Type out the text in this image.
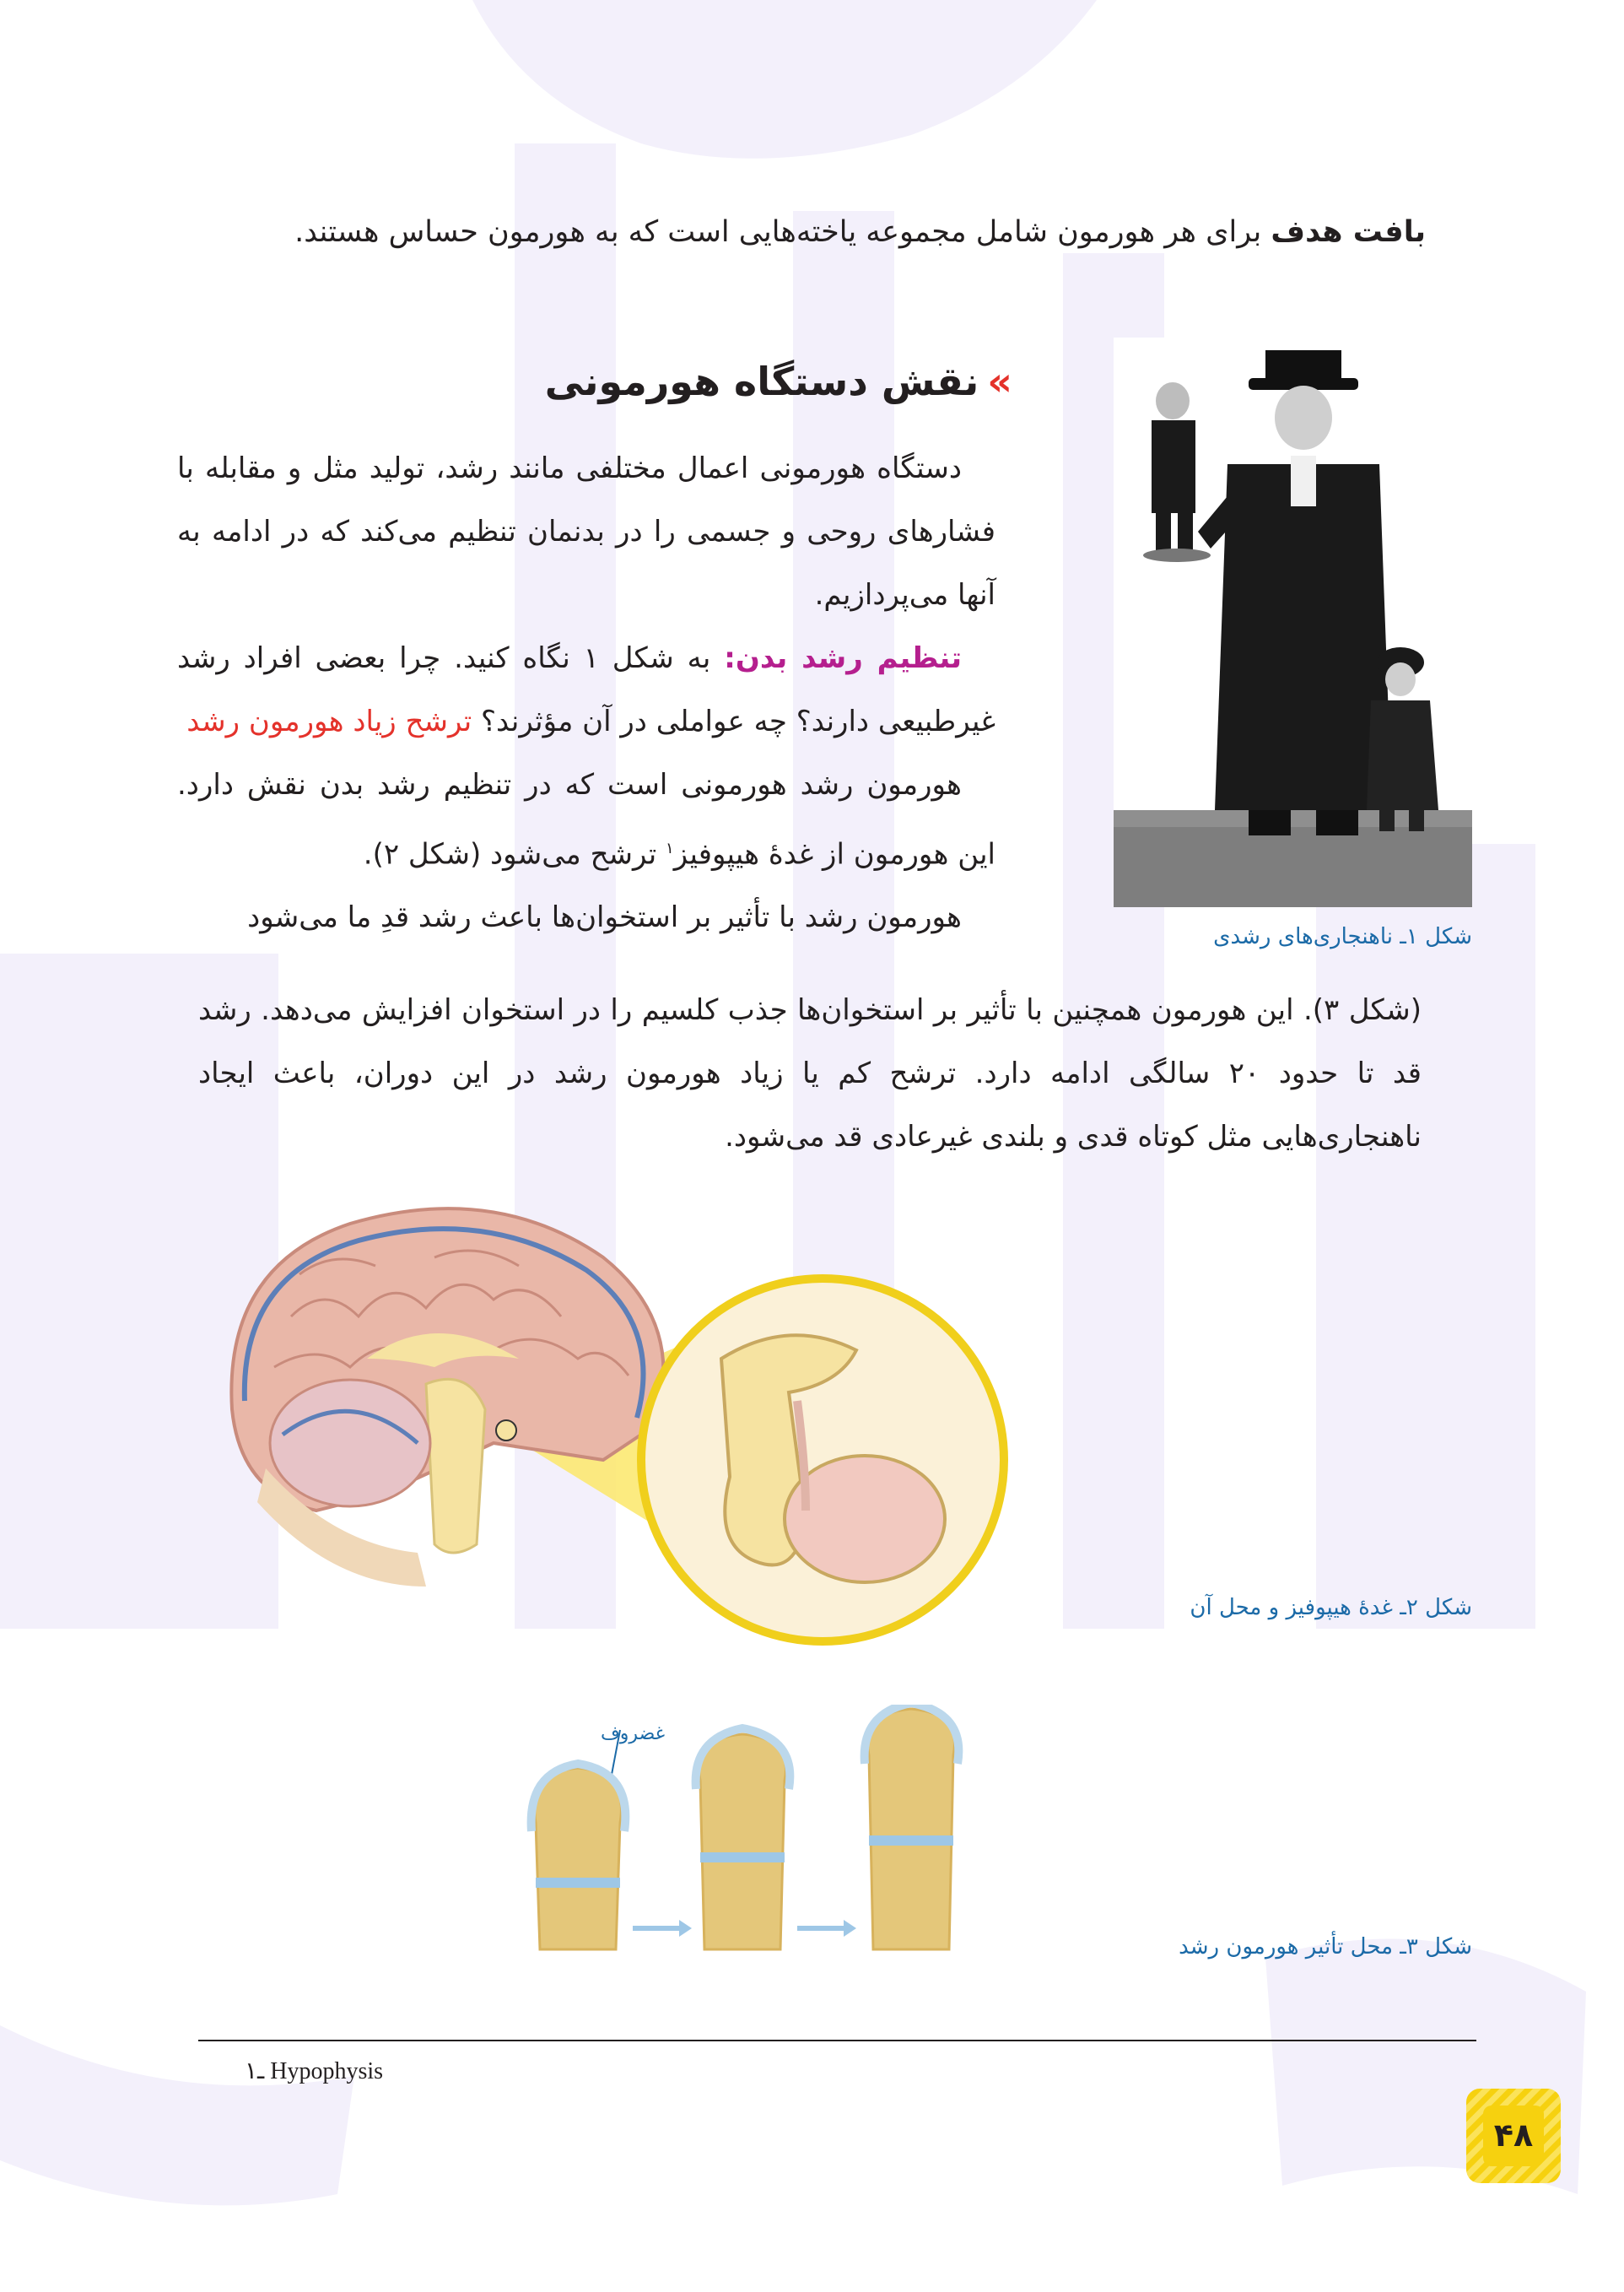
بافت هدف برای هر هورمون شامل مجموعه یاخته‌هایی است که به هورمون حساس هستند.
»نقش دستگاه هورمونی
دستگاه هورمونی اعمال مختلفی مانند رشد، تولید مثل و مقابله با فشارهای روحی و جسمی را در بدنمان تنظیم می‌کند که در ادامه به آنها می‌پردازیم.
تنظیم رشد بدن: به شکل ۱ نگاه کنید. چرا بعضی افراد رشد غیرطبیعی دارند؟ چه عواملی در آن مؤثرند؟ ترشح زیاد هورمون رشد
هورمون رشد هورمونی است که در تنظیم رشد بدن نقش دارد. این هورمون از غدهٔ هیپوفیز$^۱$ ترشح می‌شود (شکل ۲).
هورمون رشد با تأثیر بر استخوان‌ها باعث رشد قدِ ما می‌شود
(شکل ۳). این هورمون همچنین با تأثیر بر استخوان‌ها جذب کلسیم را در استخوان افزایش می‌دهد. رشد قد تا حدود ۲۰ سالگی ادامه دارد. ترشح کم یا زیاد هورمون رشد در این دوران، باعث ایجاد ناهنجاری‌هایی مثل کوتاه قدی و بلندی غیرعادی قد می‌شود.
شکل ۱ـ ناهنجاری‌های رشدی
شکل ۲ـ غدهٔ هیپوفیز و محل آن
غضروف
شکل ۳ـ محل تأثیر هورمون رشد
۱ـ Hypophysis
۴۸
